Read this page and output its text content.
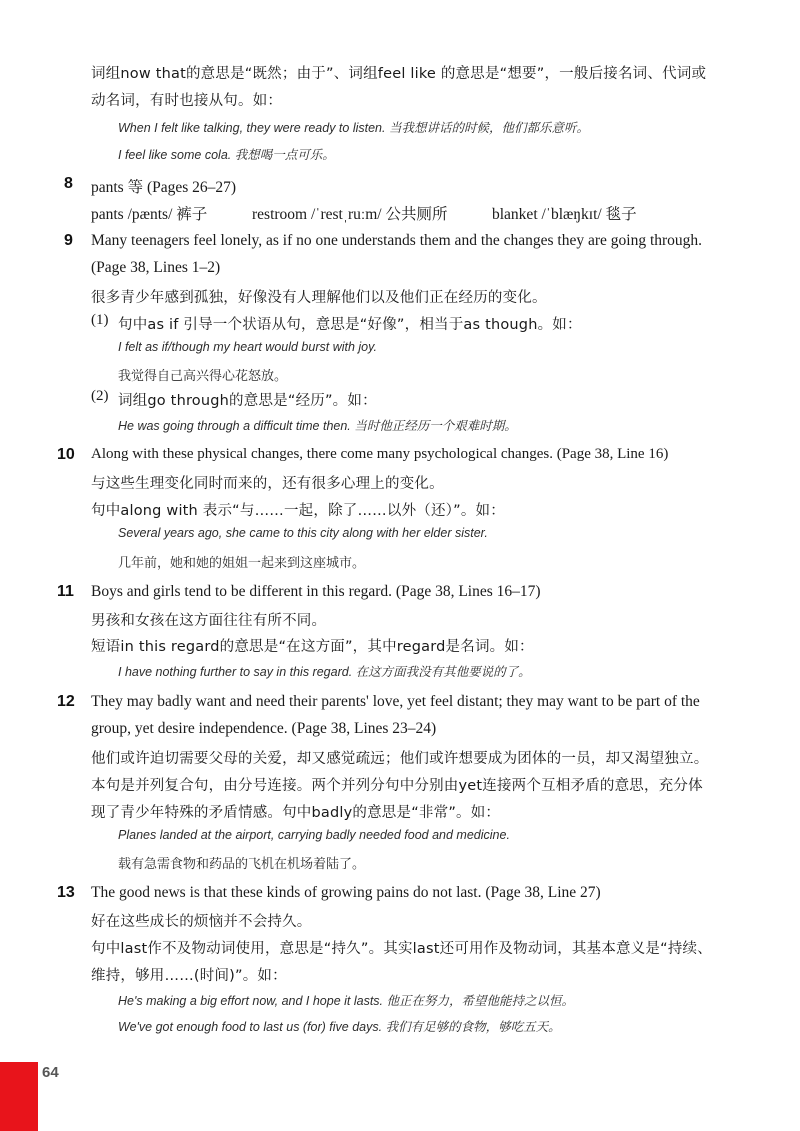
词组now that的意思是“既然；由于”、词组feel like 的意思是“想要”，一般后接名词、代词或
动名词，有时也接从句。如：
When I felt like talking, they were ready to listen. 当我想讲话的时候，他们都乐意听。
I feel like some cola. 我想喝一点可乐。
8 pants 等 (Pages 26–27)
pants /pænts/ 裤子	restroom /ˈrestˌruːm/ 公共厕所	blanket /ˈblæŋkɪt/ 毯子
9 Many teenagers feel lonely, as if no one understands them and the changes they are going through.
(Page 38, Lines 1–2)
很多青少年感到孤独，好像没有人理解他们以及他们正在经历的变化。
(1) 句中as if 引导一个状语从句，意思是“好像”，相当于as though。如：
I felt as if/though my heart would burst with joy.
我觉得自己高兴得心花怒放。
(2) 词组go through的意思是“经历”。如：
He was going through a difficult time then. 当时他正经历一个艰难时期。
10 Along with these physical changes, there come many psychological changes. (Page 38, Line 16)
与这些生理变化同时而来的，还有很多心理上的变化。
句中along with 表示“与……一起，除了……以外（还）”。如：
Several years ago, she came to this city along with her elder sister.
几年前，她和她的姐姐一起来到这座城市。
11 Boys and girls tend to be different in this regard. (Page 38, Lines 16–17)
男孩和女孩在这方面往往有所不同。
短语in this regard的意思是“在这方面”，其中regard是名词。如：
I have nothing further to say in this regard. 在这方面我没有其他要说的了。
12 They may badly want and need their parents' love, yet feel distant; they may want to be part of the
group, yet desire independence. (Page 38, Lines 23–24)
他们或许迫切需要父母的关爱，却又感觉疏远；他们或许想要成为团体的一员，却又渴望独立。
本句是并列复合句，由分号连接。两个并列分句中分别由yet连接两个互相矛盾的意思，充分体
现了青少年特殊的矛盾情感。句中badly的意思是“非常”。如：
Planes landed at the airport, carrying badly needed food and medicine.
载有急需食物和药品的飞机在机场着陆了。
13 The good news is that these kinds of growing pains do not last. (Page 38, Line 27)
好在这些成长的烦恼并不会持久。
句中last作不及物动词使用，意思是“持久”。其实last还可用作及物动词，其基本意义是“持续、
维持，够用……(时间)”。如：
He's making a big effort now, and I hope it lasts. 他正在努力，希望他能持之以恒。
We've got enough food to last us (for) five days. 我们有足够的食物，够吃五天。
64
